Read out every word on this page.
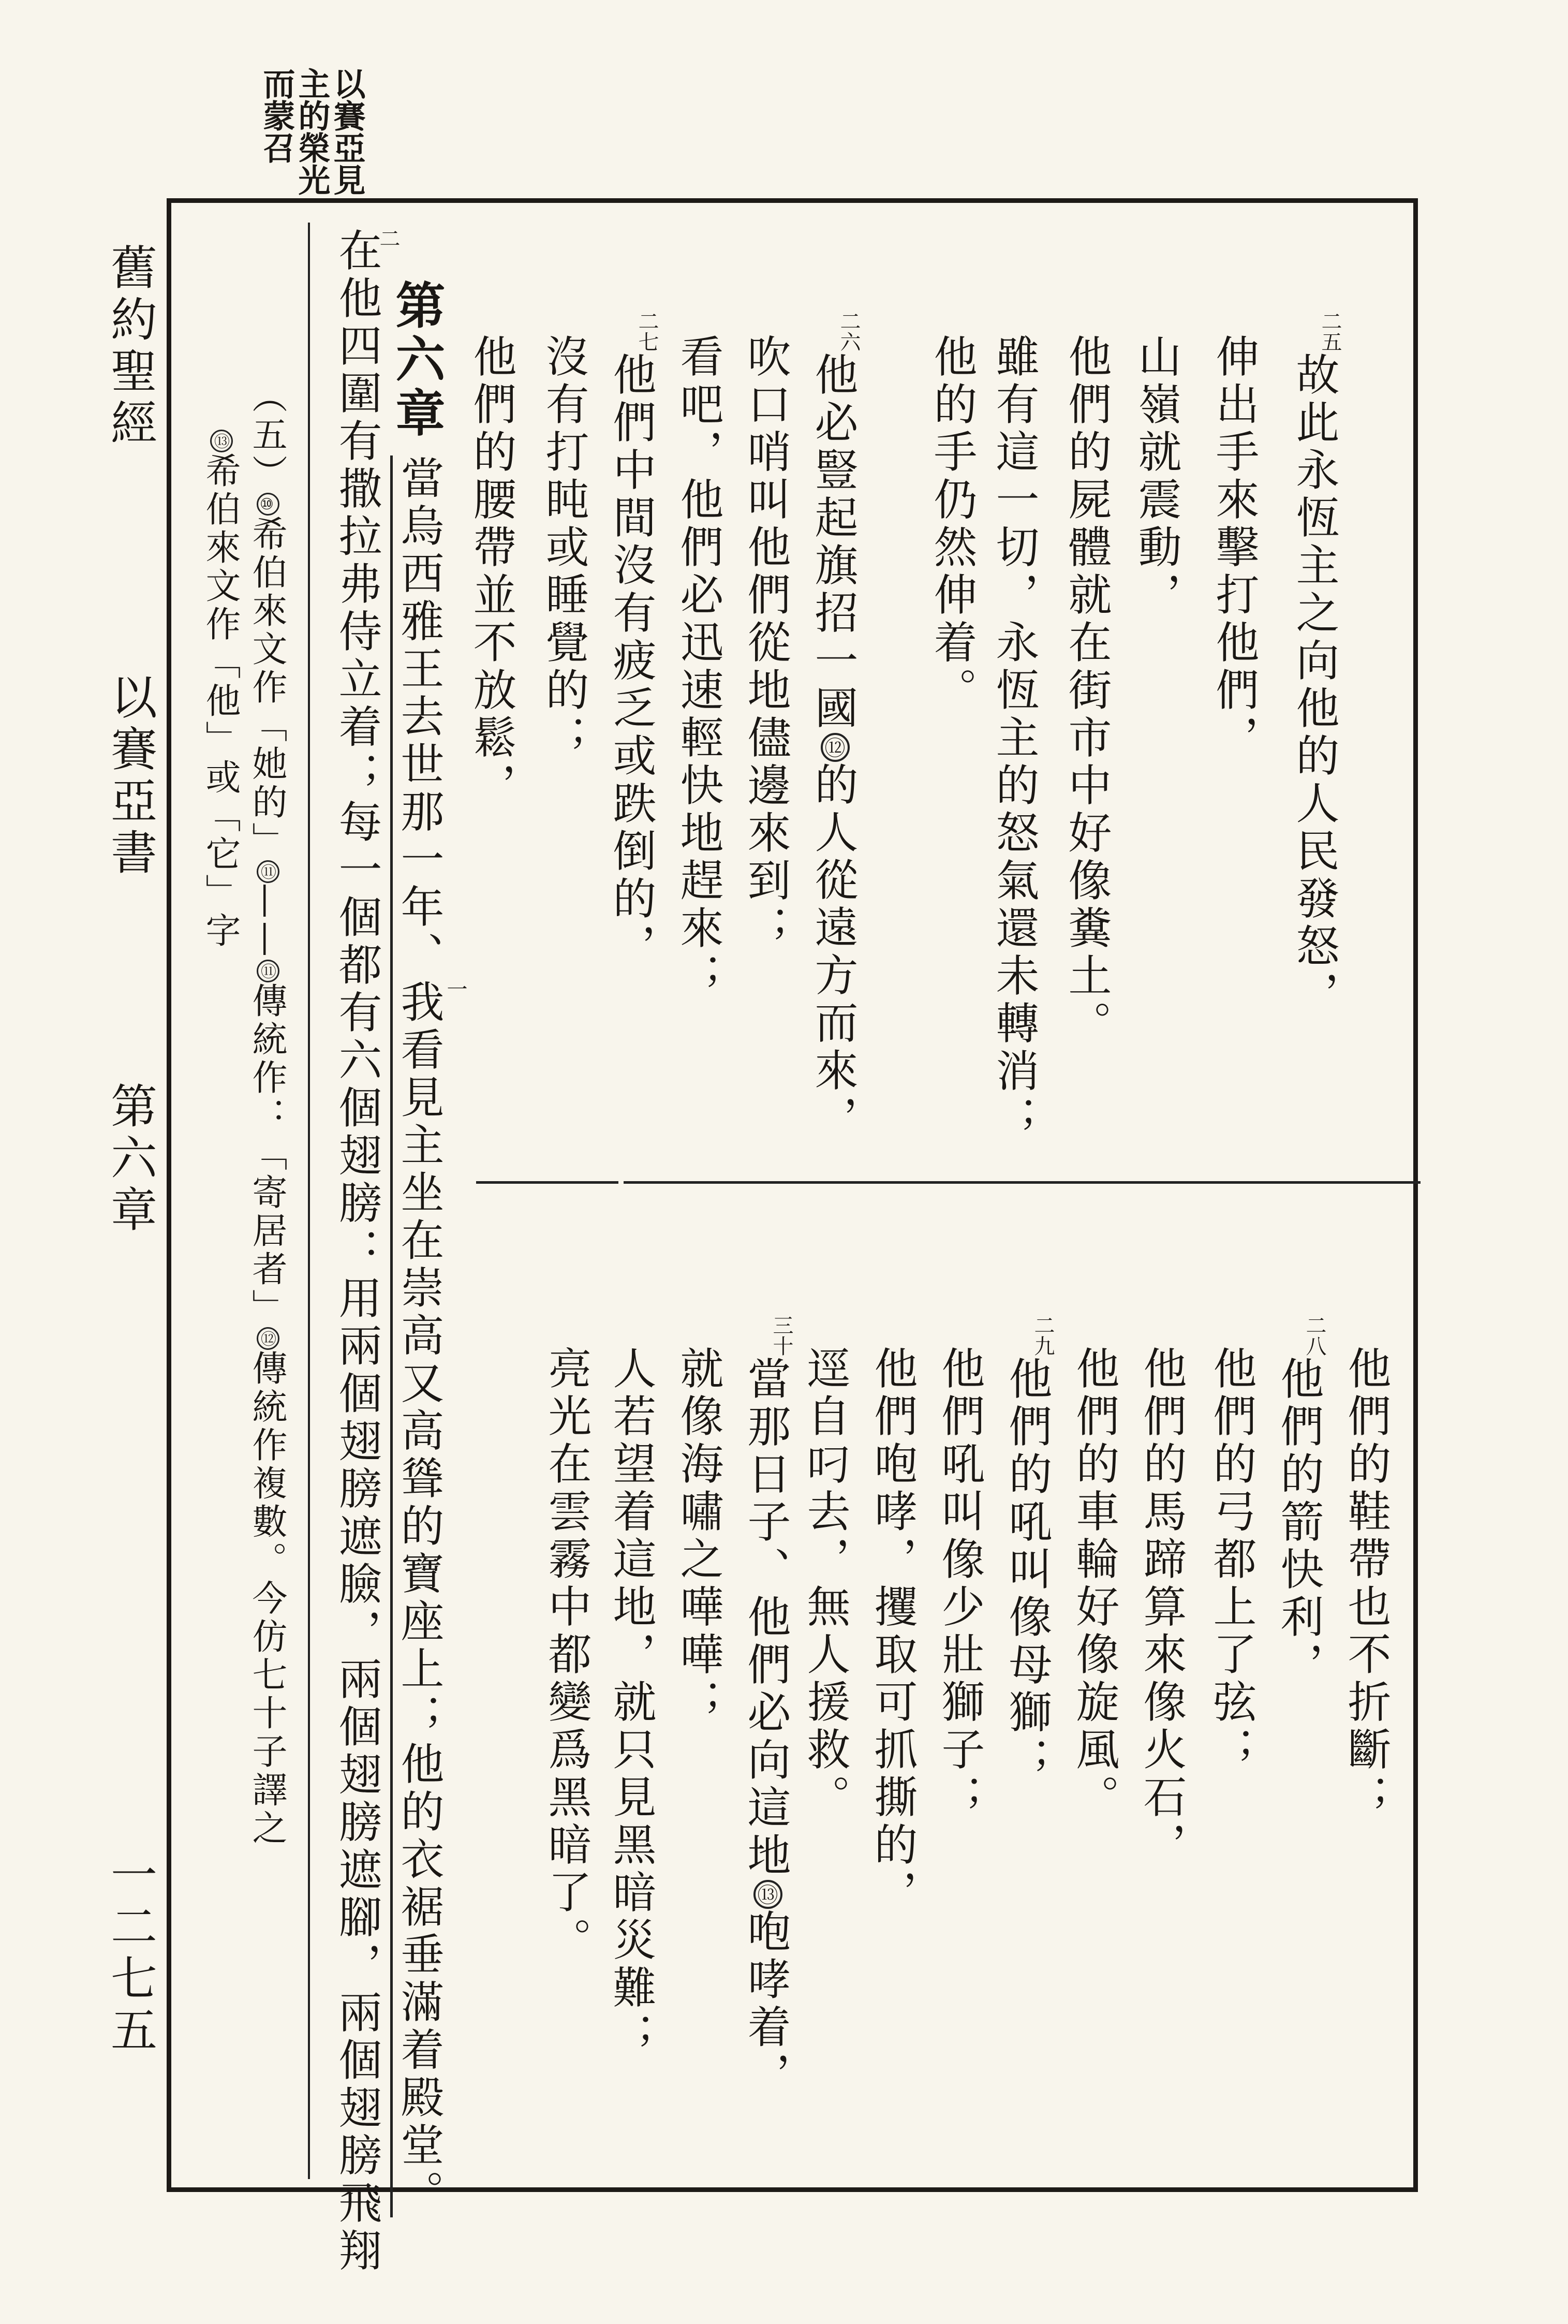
以賽亞見
主的榮光
而蒙召
舊約聖經
以賽亞書
第六章
一二七五
二五故此永恆主之向他的人民發怒，
伸出手來擊打他們，
山嶺就震動，
他們的屍體就在街市中好像糞土。
雖有這一切，永恆主的怒氣還未轉消；
他的手仍然伸着。
二六他必豎起旗招一國⑫的人從遠方而來，
吹口哨叫他們從地儘邊來到；
看吧，他們必迅速輕快地趕來；
二七他們中間沒有疲乏或跌倒的，
沒有打盹或睡覺的；
他們的腰帶並不放鬆，
他們的鞋帶也不折斷；
二八他們的箭快利，
他們的弓都上了弦；
他們的馬蹄算來像火石，
他們的車輪好像旋風。
二九他們的吼叫像母獅；
他們吼叫像少壯獅子；
他們咆哮，攫取可抓撕的，
逕自叼去，無人援救。
三十當那日子、他們必向這地⑬咆哮着，
就像海嘯之嘩嘩；
人若望着這地，就只見黑暗災難；
亮光在雲霧中都變爲黑暗了。
第六章
二
一
當烏西雅王去世那一年、我看見主坐在崇高又高聳的寶座上；他的衣裾垂滿着殿堂。
在他四圍有撒拉弗侍立着；每一個都有六個翅膀：用兩個翅膀遮臉，兩個翅膀遮腳，兩個翅膀飛翔
（五）⑩希伯來文作「她的」⑪——⑪傳統作：「寄居者」⑫傳統作複數。今仿七十子譯之
⑬希伯來文作「他」或「它」字
